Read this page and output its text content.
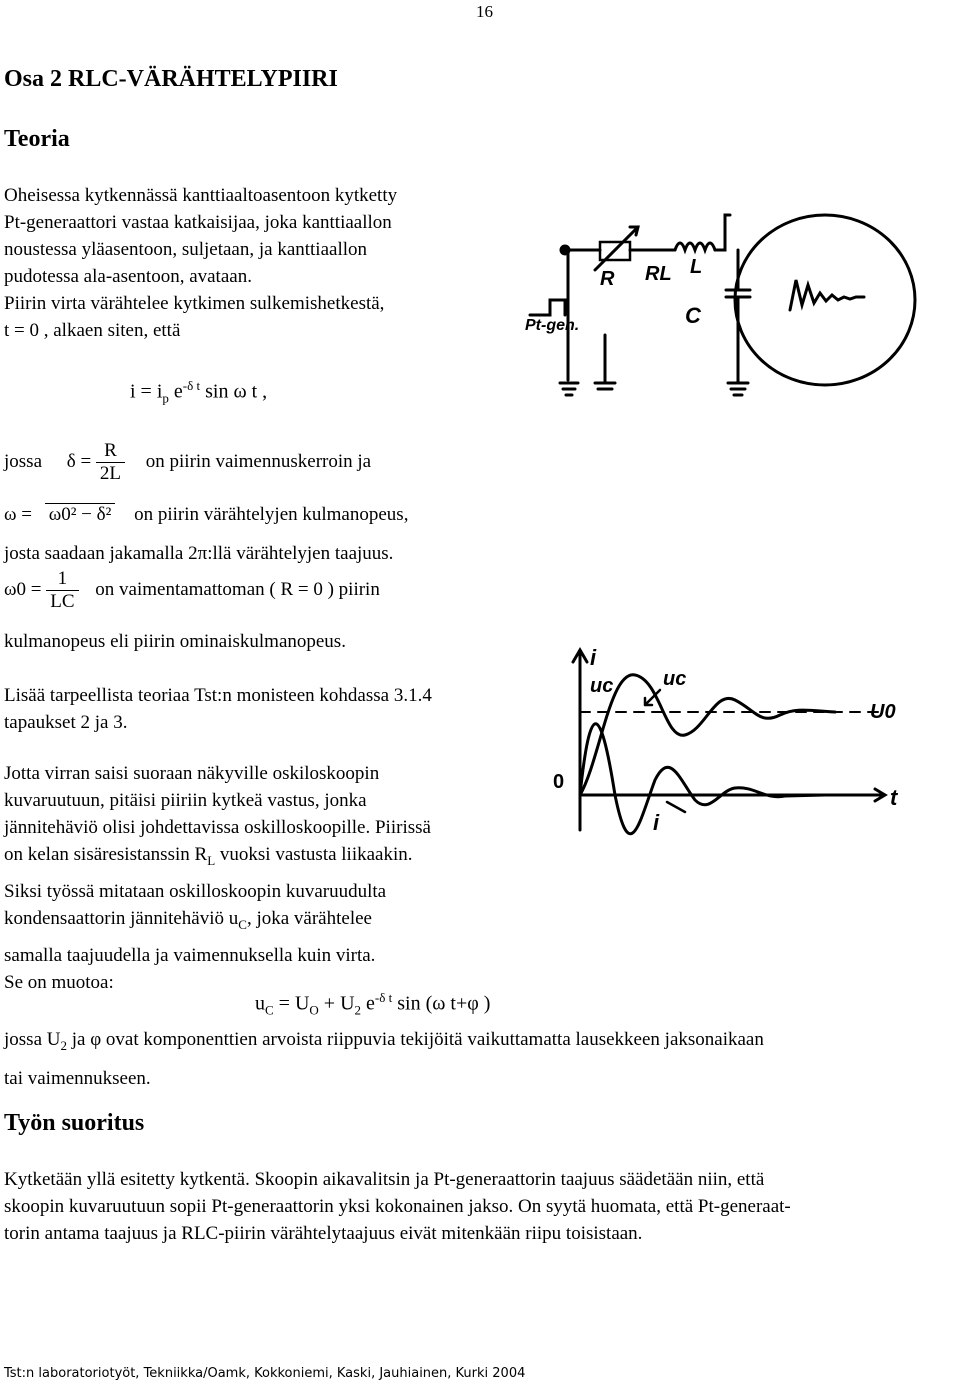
16
Osa 2 RLC-VÄRÄHTELYPIIRI
Teoria
Oheisessa kytkennässä kanttiaaltoasentoon kytketty
Pt-generaattori vastaa katkaisijaa, joka kanttiaallon
noustessa yläasentoon, suljetaan, ja kanttiaallon
pudotessa ala-asentoon, avataan.
Piirin virta värähtelee kytkimen sulkemishetkestä,
t = 0 , alkaen siten, että
R RL L
C
Pt-gen.
$i = i_p$ $e^{-\delta t}$ sin ω t ,
jossa $\delta = \frac{R}{2L}$ on piirin vaimennuskerroin ja
ω = ω0² − δ² on piirin värähtelyjen kulmanopeus,
josta saadaan jakamalla 2π:llä värähtelyjen taajuus.
$\omega 0 = \frac{1}{LC}$ on vaimentamattoman ( R = 0 ) piirin
kulmanopeus eli piirin ominaiskulmanopeus.
Lisää tarpeellista teoriaa Tst:n monisteen kohdassa 3.1.4
tapaukset 2 ja 3.
i
uc uc
U0
0
t
i
Jotta virran saisi suoraan näkyville oskiloskoopin
kuvaruutuun, pitäisi piiriin kytkeä vastus, jonka
jännitehäviö olisi johdettavissa oskilloskoopille. Piirissä
on kelan sisäresistanssin $R_L$ vuoksi vastusta liikaakin.
Siksi työssä mitataan oskilloskoopin kuvaruudulta
kondensaattorin jännitehäviö $u_C$, joka värähtelee
samalla taajuudella ja vaimennuksella kuin virta.
Se on muotoa:
$u_C = U_O + U_2$ $e^{-\delta t}$ sin (ω t+φ )
jossa $U_2$ ja φ ovat komponenttien arvoista riippuvia tekijöitä vaikuttamatta lausekkeen jaksonaikaan
tai vaimennukseen.
Työn suoritus
Kytketään yllä esitetty kytkentä. Skoopin aikavalitsin ja Pt-generaattorin taajuus säädetään niin, että
skoopin kuvaruutuun sopii Pt-generaattorin yksi kokonainen jakso. On syytä huomata, että Pt-generaat-
torin antama taajuus ja RLC-piirin värähtelytaajuus eivät mitenkään riipu toisistaan.
Tst:n laboratoriotyöt, Tekniikka/Oamk, Kokkoniemi, Kaski, Jauhiainen, Kurki 2004
